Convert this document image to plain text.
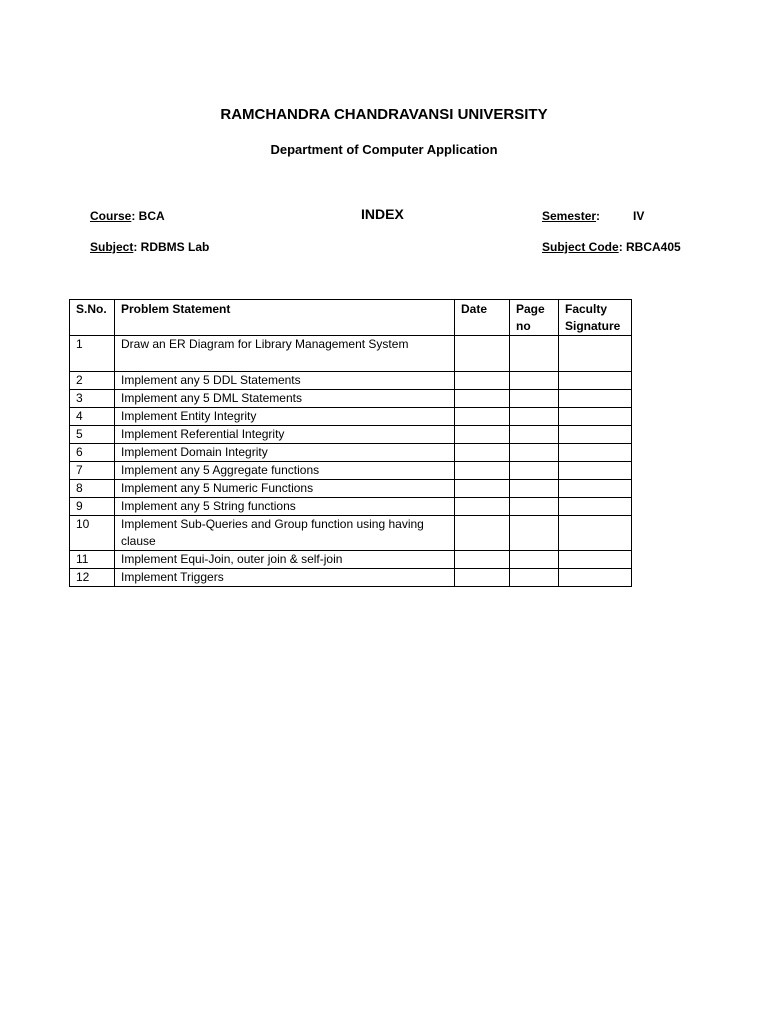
RAMCHANDRA CHANDRAVANSI UNIVERSITY
Department of Computer Application
Course: BCA	INDEX	Semester:	IV
Subject: RDBMS Lab	Subject Code: RBCA405
S.No.	Problem Statement	Date	Page no	Faculty Signature
1	Draw an ER Diagram for Library Management System			
2	Implement any 5 DDL Statements			
3	Implement any 5 DML Statements			
4	Implement Entity Integrity			
5	Implement Referential Integrity			
6	Implement Domain Integrity			
7	Implement any 5 Aggregate functions			
8	Implement any 5 Numeric Functions			
9	Implement any 5 String functions			
10	Implement Sub-Queries and Group function using having clause			
11	Implement Equi-Join, outer join & self-join			
12	Implement Triggers			
